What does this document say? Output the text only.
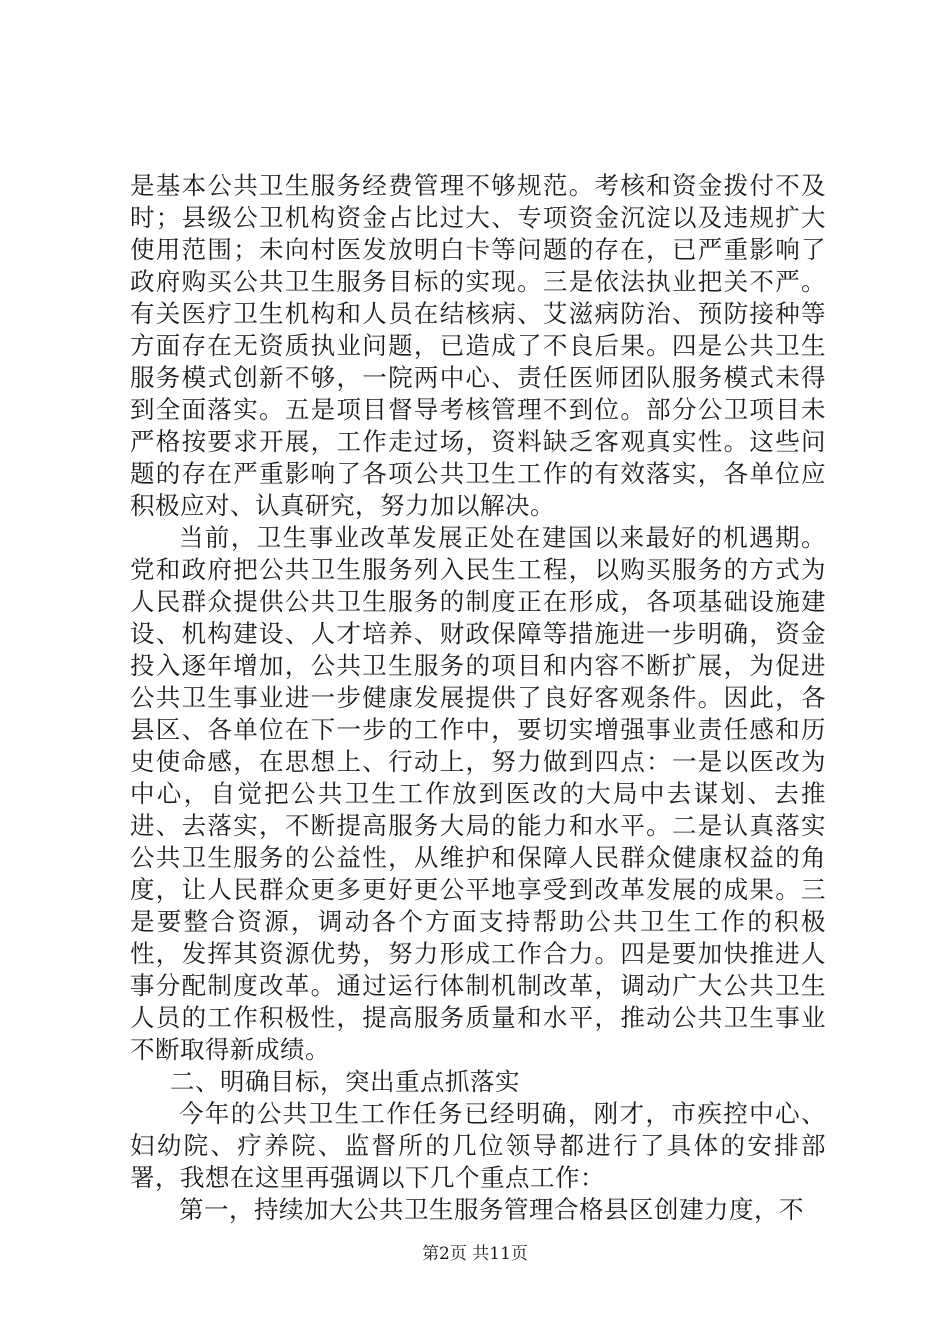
是基本公共卫生服务经费管理不够规范。考核和资金拨付不及时；县级公卫机构资金占比过大、专项资金沉淀以及违规扩大使用范围；未向村医发放明白卡等问题的存在，已严重影响了政府购买公共卫生服务目标的实现。三是依法执业把关不严。有关医疗卫生机构和人员在结核病、艾滋病防治、预防接种等方面存在无资质执业问题，已造成了不良后果。四是公共卫生服务模式创新不够，一院两中心、责任医师团队服务模式未得到全面落实。五是项目督导考核管理不到位。部分公卫项目未严格按要求开展，工作走过场，资料缺乏客观真实性。这些问题的存在严重影响了各项公共卫生工作的有效落实，各单位应积极应对、认真研究，努力加以解决。

当前，卫生事业改革发展正处在建国以来最好的机遇期。党和政府把公共卫生服务列入民生工程，以购买服务的方式为人民群众提供公共卫生服务的制度正在形成，各项基础设施建设、机构建设、人才培养、财政保障等措施进一步明确，资金投入逐年增加，公共卫生服务的项目和内容不断扩展，为促进公共卫生事业进一步健康发展提供了良好客观条件。因此，各县区、各单位在下一步的工作中，要切实增强事业责任感和历史使命感，在思想上、行动上，努力做到四点：一是以医改为中心，自觉把公共卫生工作放到医改的大局中去谋划、去推进、去落实，不断提高服务大局的能力和水平。二是认真落实公共卫生服务的公益性，从维护和保障人民群众健康权益的角度，让人民群众更多更好更公平地享受到改革发展的成果。三是要整合资源，调动各个方面支持帮助公共卫生工作的积极性，发挥其资源优势，努力形成工作合力。四是要加快推进人事分配制度改革。通过运行体制机制改革，调动广大公共卫生人员的工作积极性，提高服务质量和水平，推动公共卫生事业不断取得新成绩。

二、明确目标，突出重点抓落实

今年的公共卫生工作任务已经明确，刚才，市疾控中心、妇幼院、疗养院、监督所的几位领导都进行了具体的安排部署，我想在这里再强调以下几个重点工作：

第一，持续加大公共卫生服务管理合格县区创建力度，不

第2页 共11页
